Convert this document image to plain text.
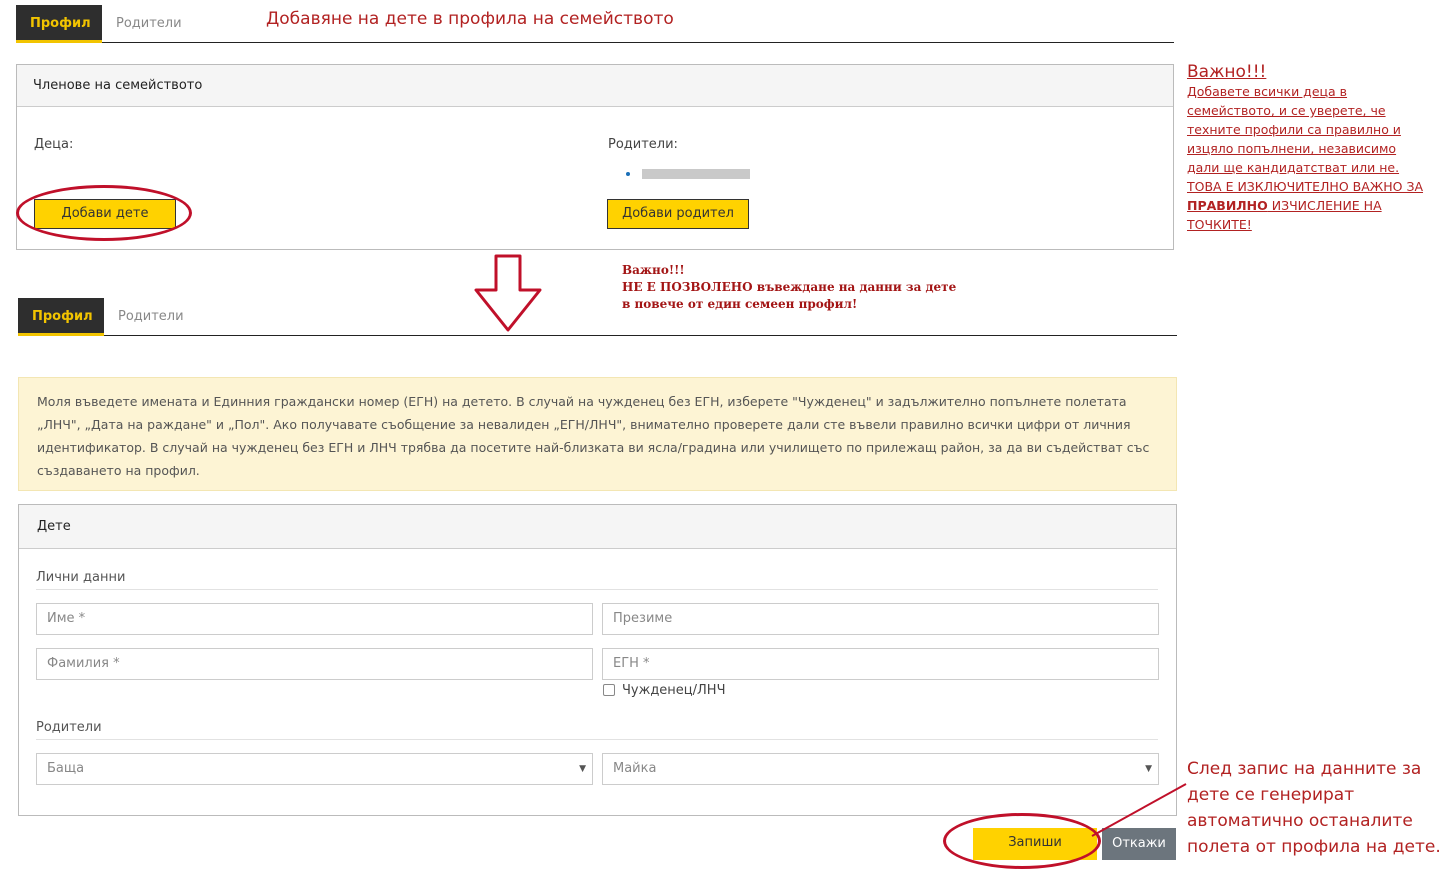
Профил	Родители	Добавяне на дете в профила на семейството
Членове на семейството
Деца:	Родители:
Добави дете	Добави родител
Важно!!!
Добавете всички деца в
семейството, и се уверете, че
техните профили са правилно и
изцяло попълнени, независимо
дали ще кандидатстват или не.
ТОВА Е ИЗКЛЮЧИТЕЛНО ВАЖНО ЗА
ПРАВИЛНО ИЗЧИСЛЕНИЕ НА
ТОЧКИТЕ!
Важно!!!
НЕ Е ПОЗВОЛЕНО въвеждане на данни за дете
в повече от един семеен профил!
Профил	Родители
Моля въведете имената и Единния граждански номер (ЕГН) на детето. В случай на чужденец без ЕГН, изберете "Чужденец" и задължително попълнете полетата „ЛНЧ", „Дата на раждане" и „Пол". Ако получавате съобщение за невалиден „ЕГН/ЛНЧ", внимателно проверете дали сте въвели правилно всички цифри от личния идентификатор. В случай на чужденец без ЕГН и ЛНЧ трябва да посетите най-близката ви ясла/градина или училището по прилежащ район, за да ви съдействат със създаването на профил.
Дете
Лични данни
Име *	Презиме
Фамилия *	ЕГН *
Чужденец/ЛНЧ
Родители
Баща	▼	Майка	▼
Запиши	Откажи
След запис на данните за
дете се генерират
автоматично останалите
полета от профила на дете.
